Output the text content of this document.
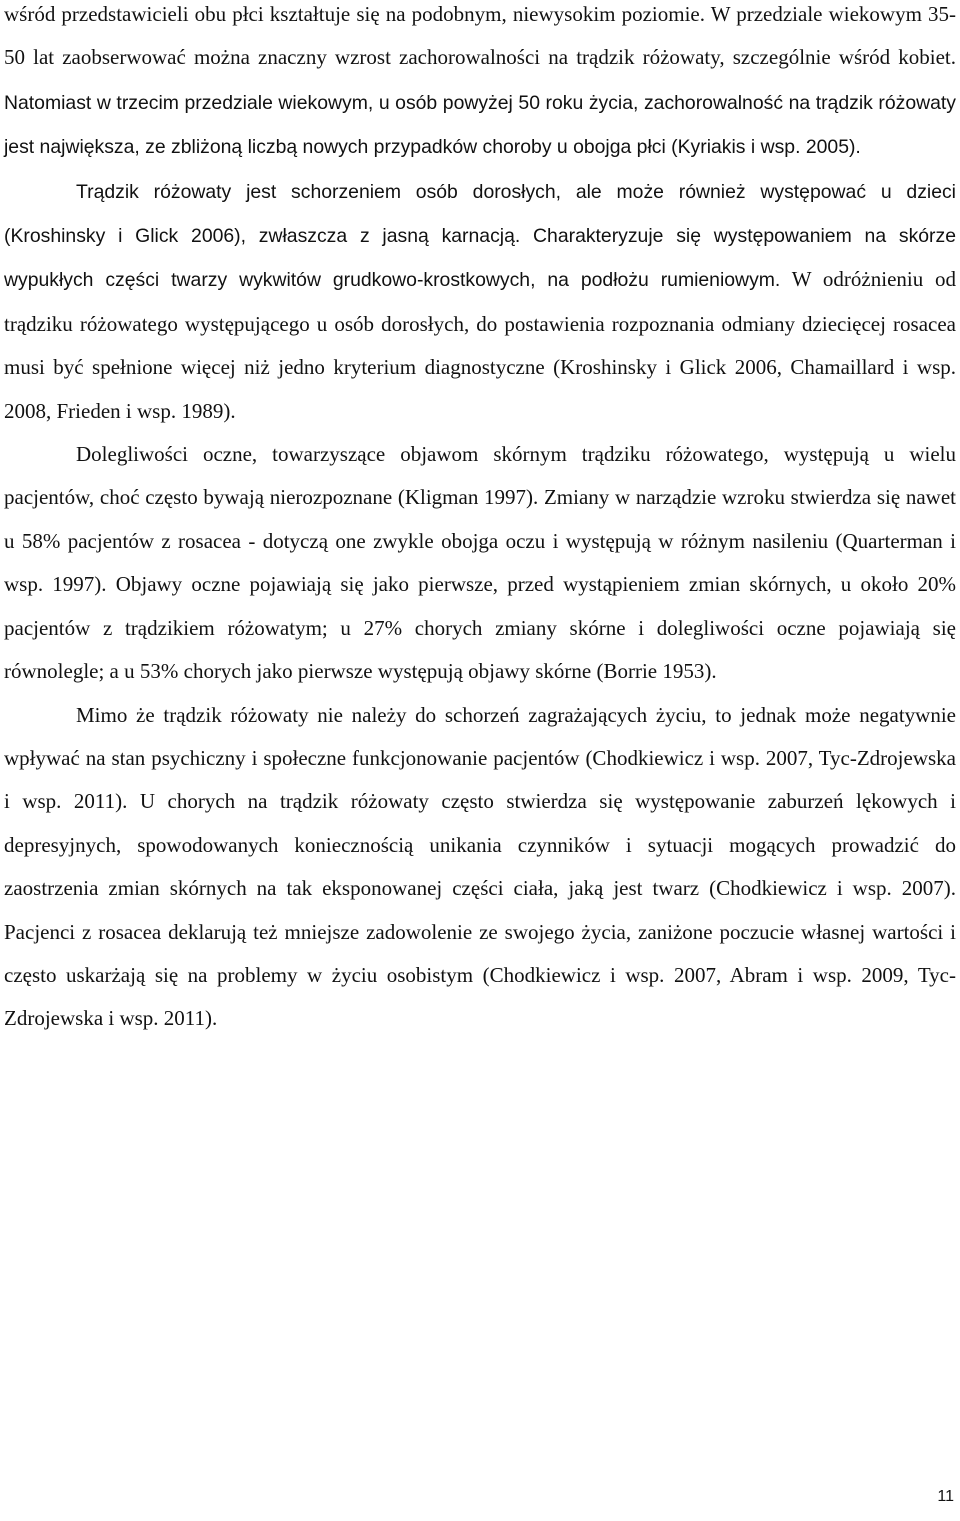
wśród przedstawicieli obu płci kształtuje się na podobnym, niewysokim poziomie. W przedziale wiekowym 35-50 lat zaobserwować można znaczny wzrost zachorowalności na trądzik różowaty, szczególnie wśród kobiet. Natomiast w trzecim przedziale wiekowym, u osób powyżej 50 roku życia, zachorowalność na trądzik różowaty jest największa, ze zbliżoną liczbą nowych przypadków choroby u obojga płci (Kyriakis i wsp. 2005).

Trądzik różowaty jest schorzeniem osób dorosłych, ale może również występować u dzieci (Kroshinsky i Glick 2006), zwłaszcza z jasną karnacją. Charakteryzuje się występowaniem na skórze wypukłych części twarzy wykwitów grudkowo-krostkowych, na podłożu rumieniowym. W odróżnieniu od trądziku różowatego występującego u osób dorosłych, do postawienia rozpoznania odmiany dziecięcej rosacea musi być spełnione więcej niż jedno kryterium diagnostyczne (Kroshinsky i Glick 2006, Chamaillard i wsp. 2008, Frieden i wsp. 1989).

Dolegliwości oczne, towarzyszące objawom skórnym trądziku różowatego, występują u wielu pacjentów, choć często bywają nierozpoznane (Kligman 1997). Zmiany w narządzie wzroku stwierdza się nawet u 58% pacjentów z rosacea - dotyczą one zwykle obojga oczu i występują w różnym nasileniu (Quarterman i wsp. 1997). Objawy oczne pojawiają się jako pierwsze, przed wystąpieniem zmian skórnych, u około 20% pacjentów z trądzikiem różowatym; u 27% chorych zmiany skórne i dolegliwości oczne pojawiają się równolegle; a u 53% chorych jako pierwsze występują objawy skórne (Borrie 1953).

Mimo że trądzik różowaty nie należy do schorzeń zagrażających życiu, to jednak może negatywnie wpływać na stan psychiczny i społeczne funkcjonowanie pacjentów (Chodkiewicz i wsp. 2007, Tyc-Zdrojewska i wsp. 2011). U chorych na trądzik różowaty często stwierdza się występowanie zaburzeń lękowych i depresyjnych, spowodowanych koniecznością unikania czynników i sytuacji mogących prowadzić do zaostrzenia zmian skórnych na tak eksponowanej części ciała, jaką jest twarz (Chodkiewicz i wsp. 2007). Pacjenci z rosacea deklarują też mniejsze zadowolenie ze swojego życia, zaniżone poczucie własnej wartości i często uskarżają się na problemy w życiu osobistym (Chodkiewicz i wsp. 2007, Abram i wsp. 2009, Tyc-Zdrojewska i wsp. 2011).

11
